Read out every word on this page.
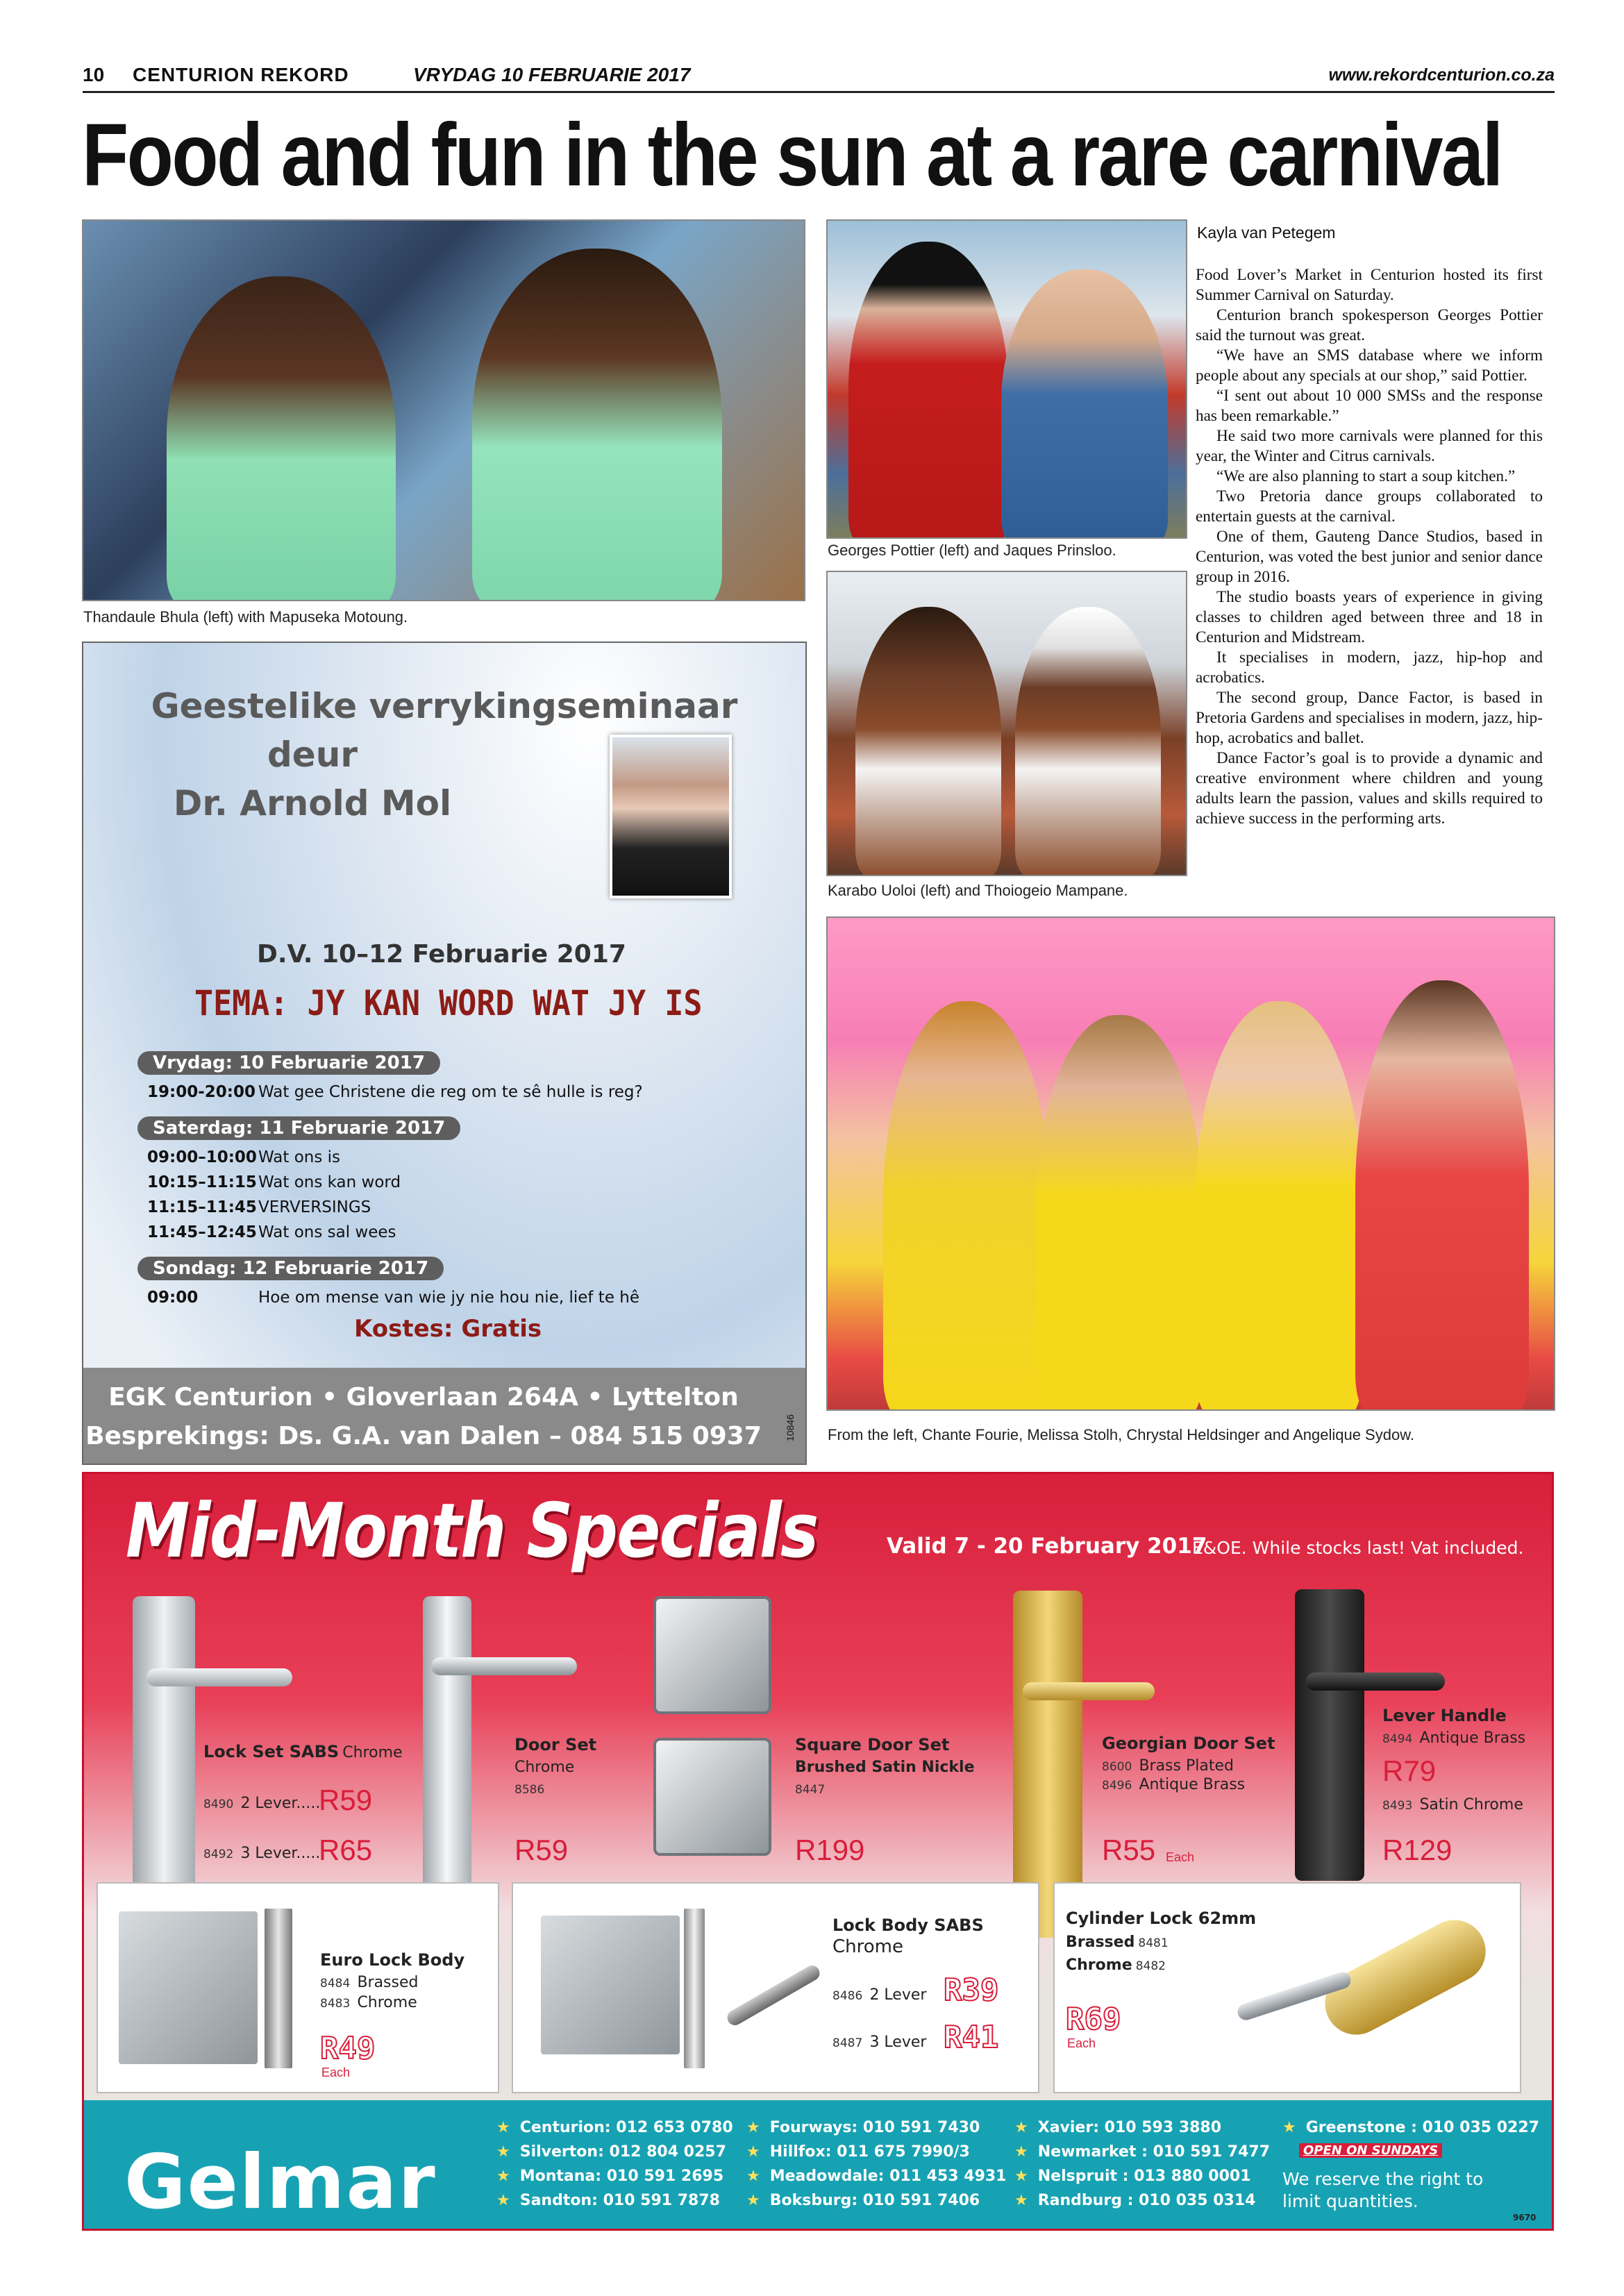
10 CENTURION REKORD	VRYDAG 10 FEBRUARIE 2017	www.rekordcenturion.co.za
Food and fun in the sun at a rare carnival
Thandaule Bhula (left) with Mapuseka Motoung.
Georges Pottier (left) and Jaques Prinsloo.
Karabo Uoloi (left) and Thoiogeio Mampane.
From the left, Chante Fourie, Melissa Stolh, Chrystal Heldsinger and Angelique Sydow.
Kayla van Petegem

Food Lover’s Market in Centurion hosted its first Summer Carnival on Saturday.

Centurion branch spokesperson Georges Pottier said the turnout was great.

“We have an SMS database where we inform people about any specials at our shop,” said Pottier.

“I sent out about 10 000 SMSs and the response has been remarkable.”

He said two more carnivals were planned for this year, the Winter and Citrus carnivals.

“We are also planning to start a soup kitchen.”

Two Pretoria dance groups collaborated to entertain guests at the carnival.

One of them, Gauteng Dance Studios, based in Centurion, was voted the best junior and senior dance group in 2016.

The studio boasts years of experience in giving classes to children aged between three and 18 in Centurion and Midstream.

It specialises in modern, jazz, hip-hop and acrobatics.

The second group, Dance Factor, is based in Pretoria Gardens and specialises in modern, jazz, hip-hop, acrobatics and ballet.

Dance Factor’s goal is to provide a dynamic and creative environment where children and young adults learn the passion, values and skills required to achieve success in the performing arts.

Geestelike verrykingseminaar
deur
Dr. Arnold Mol
D.V. 10–12 Februarie 2017
TEMA: JY KAN WORD WAT JY IS
Vrydag: 10 Februarie 2017
19:00-20:00 Wat gee Christene die reg om te sê hulle is reg?
Saterdag: 11 Februarie 2017
09:00–10:00Wat ons is
10:15–11:15Wat ons kan word
11:15–11:45VERVERSINGS
11:45–12:45Wat ons sal wees
Sondag: 12 Februarie 2017
09:00	Hoe om mense van wie jy nie hou nie, lief te hê
Kostes: Gratis
EGK Centurion • Gloverlaan 264A • Lyttelton
Besprekings: Ds. G.A. van Dalen – 084 515 0937 10846
Mid-Month Specials	Valid 7 - 20 February 2017
E&OE. While stocks last! Vat included.
Lock Set SABS Chrome
8490 2 Lever.....
R59
8492 3 Lever.....
R65
Door Set
Chrome
8586
R59
Square Door Set
Brushed Satin Nickle
8447
R199
Georgian Door Set
8600 Brass Plated
8496 Antique Brass
R55 Each
Lever Handle
8494 Antique Brass
R79
8493 Satin Chrome
R129
Euro Lock Body
8484 Brassed
8483 Chrome
R49
Each
Lock Body SABS
Chrome
8486 2 Lever R39
8487 3 Lever R41
Cylinder Lock 62mm
Brassed 8481
Chrome 8482
R69
Each
Gelmar
★ Centurion: 012 653 0780
★ Silverton: 012 804 0257
★ Montana: 010 591 2695
★ Sandton: 010 591 7878
★ Fourways: 010 591 7430
★ Hillfox: 011 675 7990/3
★ Meadowdale: 011 453 4931
★ Boksburg: 010 591 7406
★ Xavier: 010 593 3880
★ Newmarket : 010 591 7477
★ Nelspruit : 013 880 0001
★ Randburg : 010 035 0314
★ Greenstone : 010 035 0227
OPEN ON SUNDAYS
We reserve the right to limit quantities.
9670
